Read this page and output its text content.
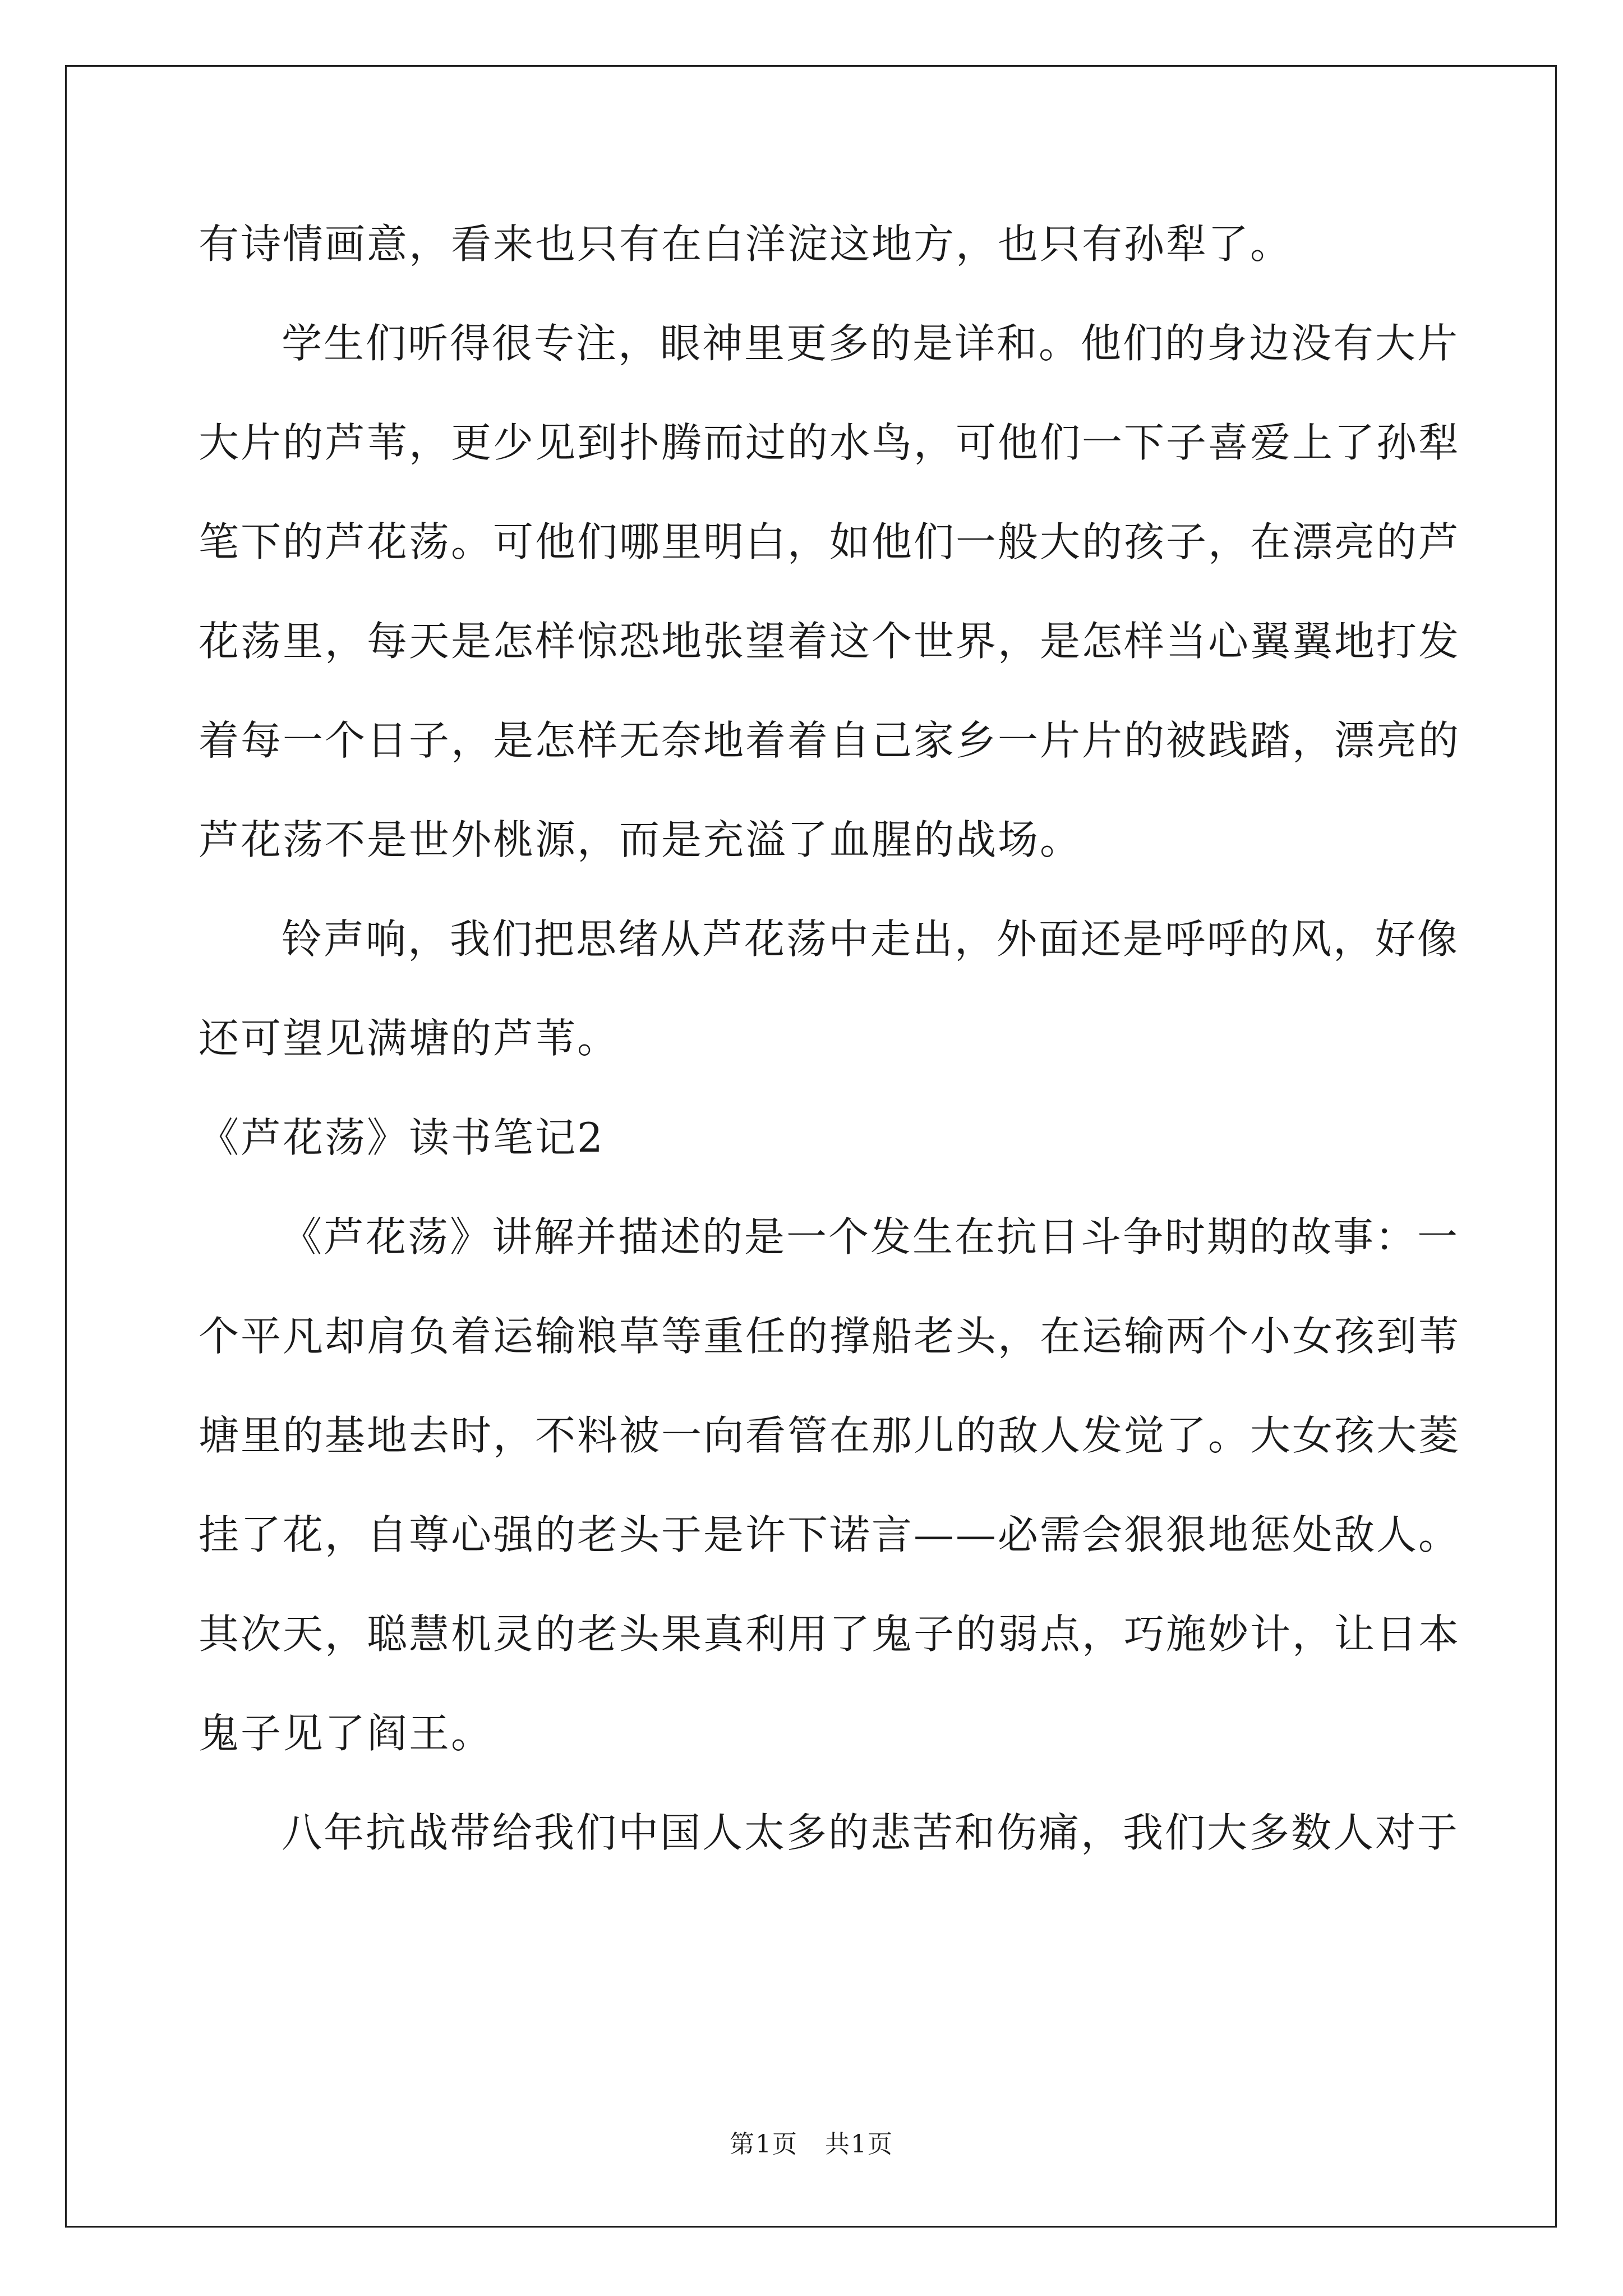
有诗情画意，看来也只有在白洋淀这地方，也只有孙犁了。
学生们听得很专注，眼神里更多的是详和。他们的身边没有大片
大片的芦苇，更少见到扑腾而过的水鸟，可他们一下子喜爱上了孙犁
笔下的芦花荡。可他们哪里明白，如他们一般大的孩子，在漂亮的芦
花荡里，每天是怎样惊恐地张望着这个世界，是怎样当心翼翼地打发
着每一个日子，是怎样无奈地着着自己家乡一片片的被践踏，漂亮的
芦花荡不是世外桃源，而是充溢了血腥的战场。
铃声响，我们把思绪从芦花荡中走出，外面还是呼呼的风，好像
还可望见满塘的芦苇。
《芦花荡》读书笔记2
《芦花荡》讲解并描述的是一个发生在抗日斗争时期的故事：一
个平凡却肩负着运输粮草等重任的撑船老头，在运输两个小女孩到苇
塘里的基地去时，不料被一向看管在那儿的敌人发觉了。大女孩大菱
挂了花，自尊心强的老头于是许下诺言——必需会狠狠地惩处敌人。
其次天，聪慧机灵的老头果真利用了鬼子的弱点，巧施妙计，让日本
鬼子见了阎王。
八年抗战带给我们中国人太多的悲苦和伤痛，我们大多数人对于
第1页 共1页
